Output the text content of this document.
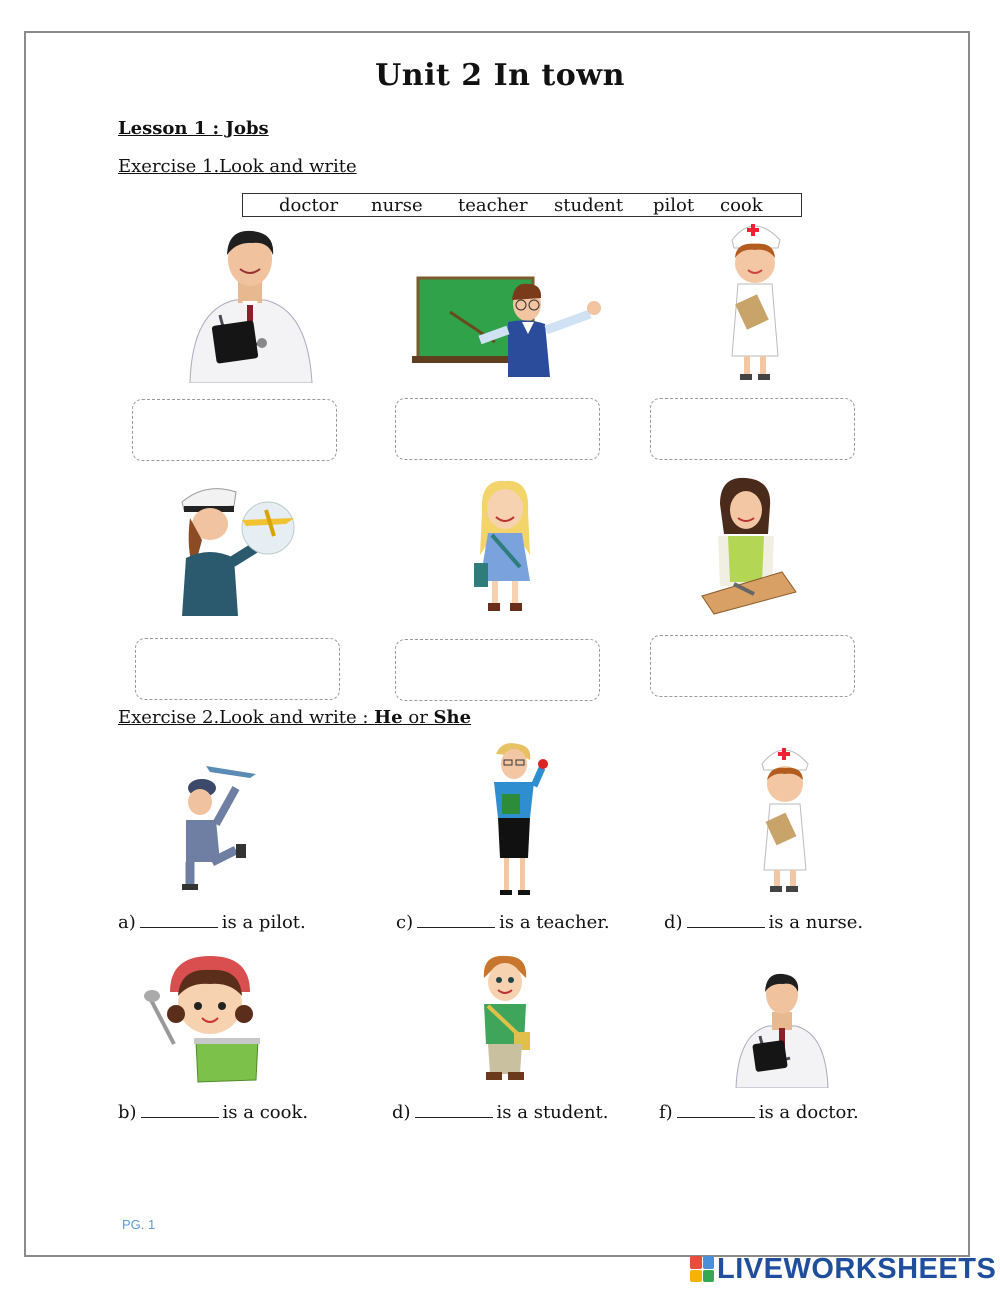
Unit 2 In town
Lesson 1 : Jobs
Exercise 1.Look and write
doctor nurse teacher student pilot cook
Exercise 2.Look and write : He or She
a)	is a pilot.	c)	is a teacher.	d)	is a nurse.
b)	is a cook.	d)	is a student.	f)	is a doctor.
PG. 1
LIVEWORKSHEETS
